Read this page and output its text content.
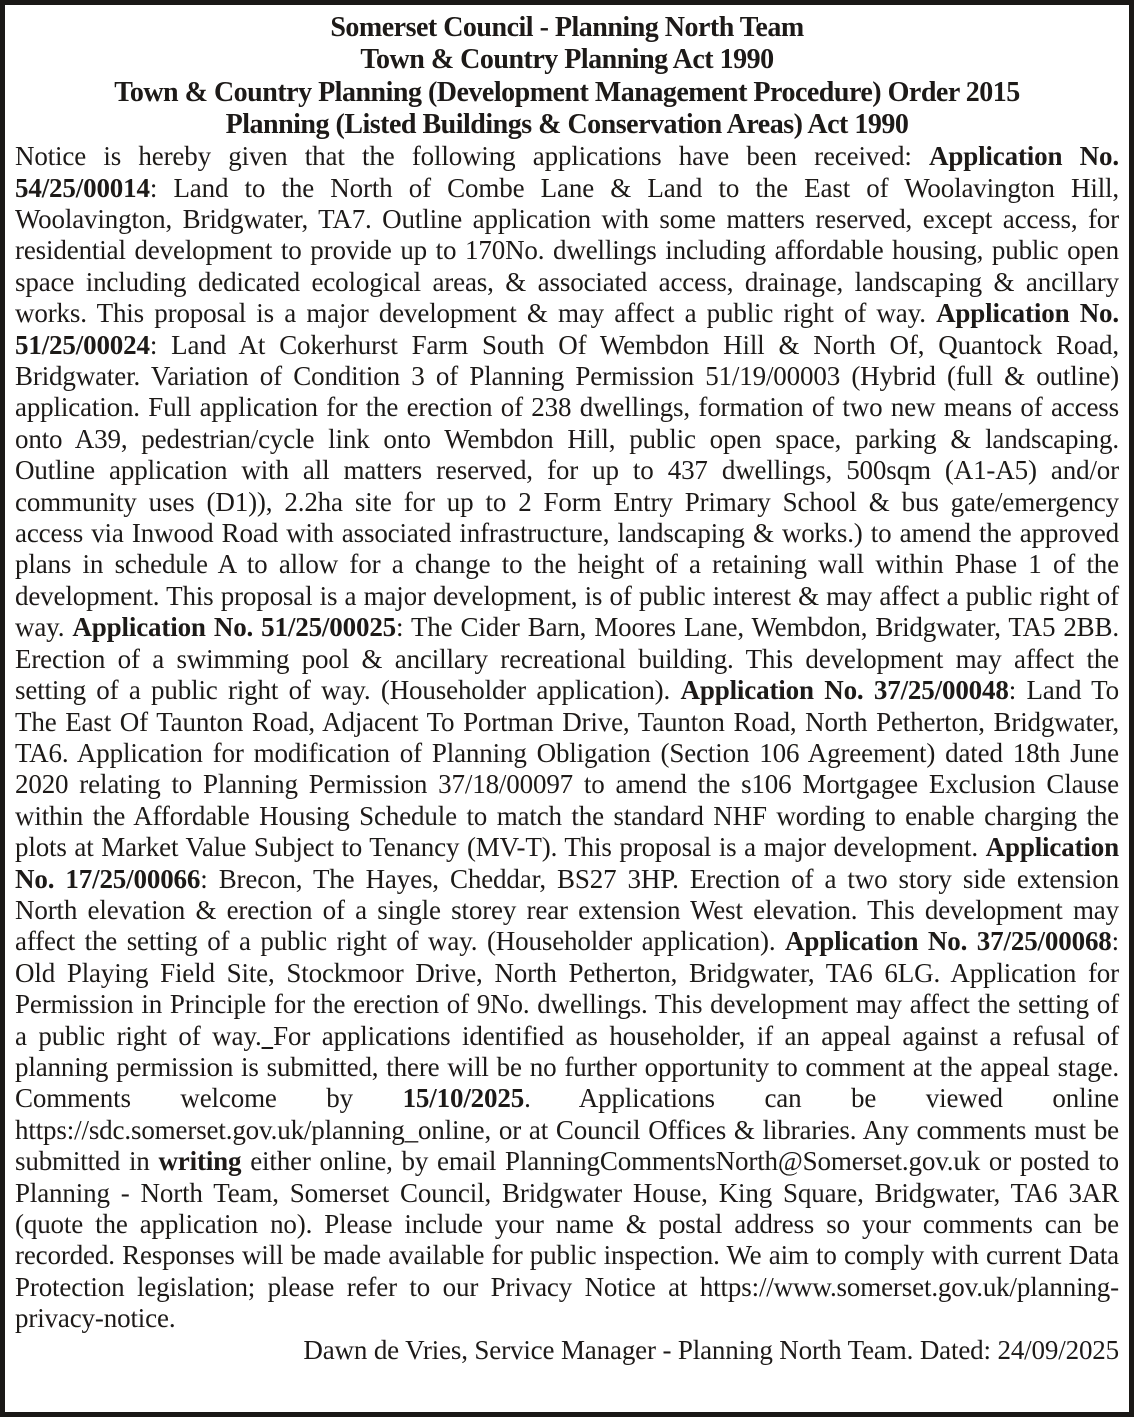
Somerset Council - Planning North Team
Town & Country Planning Act 1990
Town & Country Planning (Development Management Procedure) Order 2015
Planning (Listed Buildings & Conservation Areas) Act 1990

Notice is hereby given that the following applications have been received: Application No. 54/25/00014: Land to the North of Combe Lane & Land to the East of Woolavington Hill, Woolavington, Bridgwater, TA7. Outline application with some matters reserved, except access, for residential development to provide up to 170No. dwellings including affordable housing, public open space including dedicated ecological areas, & associated access, drainage, landscaping & ancillary works. This proposal is a major development & may affect a public right of way. Application No. 51/25/00024: Land At Cokerhurst Farm South Of Wembdon Hill & North Of, Quantock Road, Bridgwater. Variation of Condition 3 of Planning Permission 51/19/00003 (Hybrid (full & outline) application. Full application for the erection of 238 dwellings, formation of two new means of access onto A39, pedestrian/cycle link onto Wembdon Hill, public open space, parking & landscaping. Outline application with all matters reserved, for up to 437 dwellings, 500sqm (A1-A5) and/or community uses (D1)), 2.2ha site for up to 2 Form Entry Primary School & bus gate/emergency access via Inwood Road with associated infrastructure, landscaping & works.) to amend the approved plans in schedule A to allow for a change to the height of a retaining wall within Phase 1 of the development. This proposal is a major development, is of public interest & may affect a public right of way. Application No. 51/25/00025: The Cider Barn, Moores Lane, Wembdon, Bridgwater, TA5 2BB. Erection of a swimming pool & ancillary recreational building. This development may affect the setting of a public right of way. (Householder application). Application No. 37/25/00048: Land To The East Of Taunton Road, Adjacent To Portman Drive, Taunton Road, North Petherton, Bridgwater, TA6. Application for modification of Planning Obligation (Section 106 Agreement) dated 18th June 2020 relating to Planning Permission 37/18/00097 to amend the s106 Mortgagee Exclusion Clause within the Affordable Housing Schedule to match the standard NHF wording to enable charging the plots at Market Value Subject to Tenancy (MV-T). This proposal is a major development. Application No. 17/25/00066: Brecon, The Hayes, Cheddar, BS27 3HP. Erection of a two story side extension North elevation & erection of a single storey rear extension West elevation. This development may affect the setting of a public right of way. (Householder application). Application No. 37/25/00068: Old Playing Field Site, Stockmoor Drive, North Petherton, Bridgwater, TA6 6LG. Application for Permission in Principle for the erection of 9No. dwellings. This development may affect the setting of a public right of way. For applications identified as householder, if an appeal against a refusal of planning permission is submitted, there will be no further opportunity to comment at the appeal stage. Comments welcome by 15/10/2025. Applications can be viewed online https://sdc.somerset.gov.uk/planning_online, or at Council Offices & libraries. Any comments must be submitted in writing either online, by email PlanningCommentsNorth@Somerset.gov.uk or posted to Planning - North Team, Somerset Council, Bridgwater House, King Square, Bridgwater, TA6 3AR (quote the application no). Please include your name & postal address so your comments can be recorded. Responses will be made available for public inspection. We aim to comply with current Data Protection legislation; please refer to our Privacy Notice at https://www.somerset.gov.uk/planning-privacy-notice.

Dawn de Vries, Service Manager - Planning North Team. Dated: 24/09/2025
